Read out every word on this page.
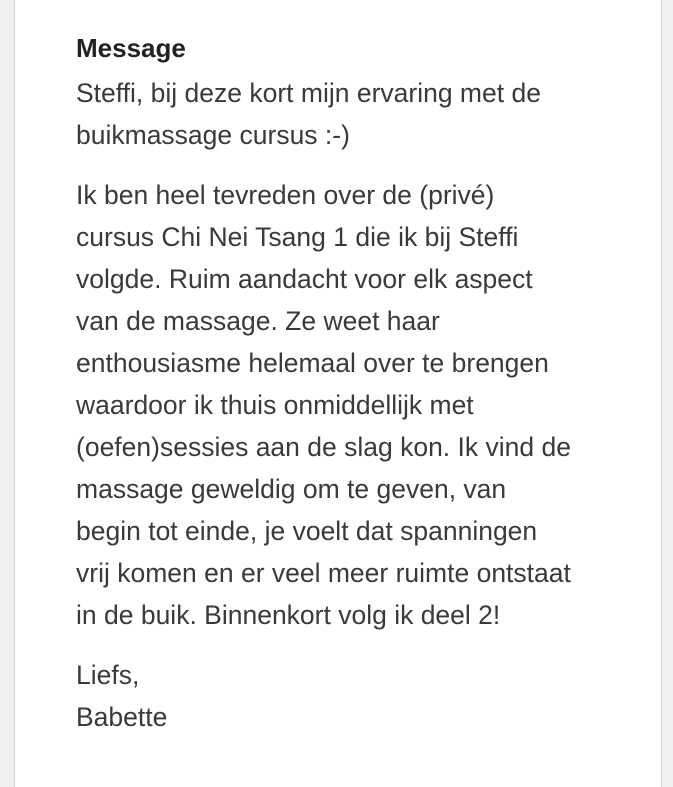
Message
Steffi, bij deze kort mijn ervaring met de
buikmassage cursus :-)
Ik ben heel tevreden over de (privé)
cursus Chi Nei Tsang 1 die ik bij Steffi
volgde. Ruim aandacht voor elk aspect
van de massage. Ze weet haar
enthousiasme helemaal over te brengen
waardoor ik thuis onmiddellijk met
(oefen)sessies aan de slag kon. Ik vind de
massage geweldig om te geven, van
begin tot einde, je voelt dat spanningen
vrij komen en er veel meer ruimte ontstaat
in de buik. Binnenkort volg ik deel 2!
Liefs,
Babette
